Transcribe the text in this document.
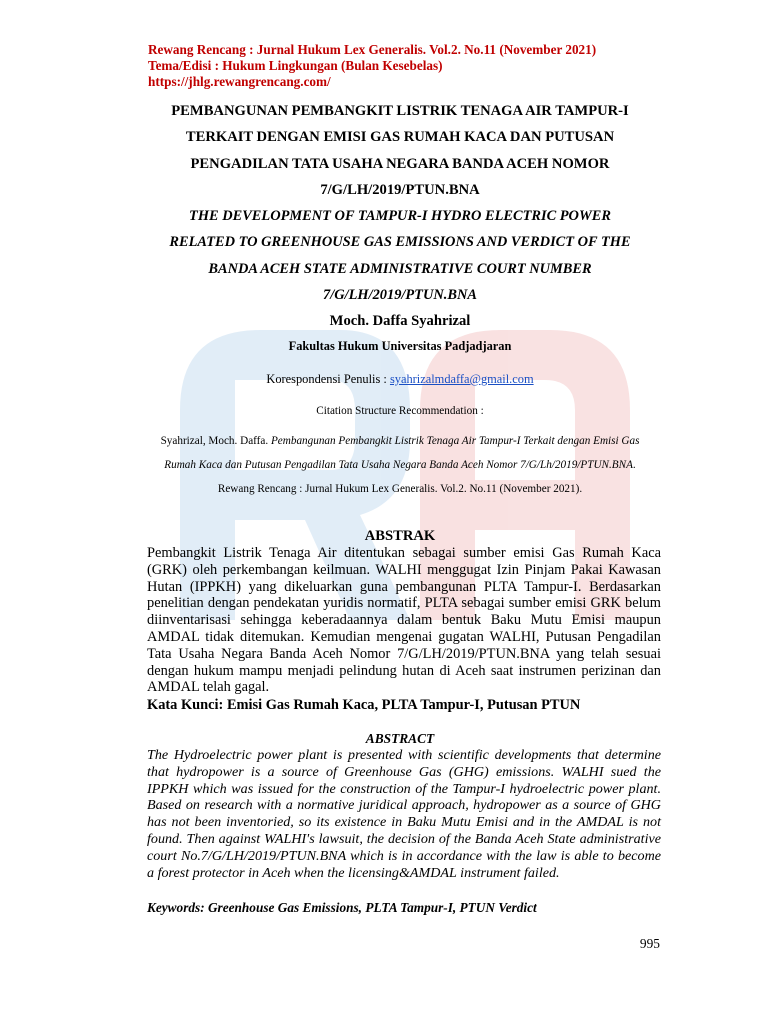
Rewang Rencang : Jurnal Hukum Lex Generalis. Vol.2. No.11 (November 2021)
Tema/Edisi : Hukum Lingkungan (Bulan Kesebelas)
https://jhlg.rewangrencang.com/
PEMBANGUNAN PEMBANGKIT LISTRIK TENAGA AIR TAMPUR-I
TERKAIT DENGAN EMISI GAS RUMAH KACA DAN PUTUSAN
PENGADILAN TATA USAHA NEGARA BANDA ACEH NOMOR
7/G/LH/2019/PTUN.BNA
THE DEVELOPMENT OF TAMPUR-I HYDRO ELECTRIC POWER
RELATED TO GREENHOUSE GAS EMISSIONS AND VERDICT OF THE
BANDA ACEH STATE ADMINISTRATIVE COURT NUMBER
7/G/LH/2019/PTUN.BNA
Moch. Daffa Syahrizal
Fakultas Hukum Universitas Padjadjaran
Korespondensi Penulis : syahrizalmdaffa@gmail.com
Citation Structure Recommendation :
Syahrizal, Moch. Daffa. Pembangunan Pembangkit Listrik Tenaga Air Tampur-I Terkait dengan Emisi Gas Rumah Kaca dan Putusan Pengadilan Tata Usaha Negara Banda Aceh Nomor 7/G/Lh/2019/PTUN.BNA. Rewang Rencang : Jurnal Hukum Lex Generalis. Vol.2. No.11 (November 2021).
ABSTRAK
Pembangkit Listrik Tenaga Air ditentukan sebagai sumber emisi Gas Rumah Kaca (GRK) oleh perkembangan keilmuan. WALHI menggugat Izin Pinjam Pakai Kawasan Hutan (IPPKH) yang dikeluarkan guna pembangunan PLTA Tampur-I. Berdasarkan penelitian dengan pendekatan yuridis normatif, PLTA sebagai sumber emisi GRK belum diinventarisasi sehingga keberadaannya dalam bentuk Baku Mutu Emisi maupun AMDAL tidak ditemukan. Kemudian mengenai gugatan WALHI, Putusan Pengadilan Tata Usaha Negara Banda Aceh Nomor 7/G/LH/2019/PTUN.BNA yang telah sesuai dengan hukum mampu menjadi pelindung hutan di Aceh saat instrumen perizinan dan AMDAL telah gagal.
Kata Kunci: Emisi Gas Rumah Kaca, PLTA Tampur-I, Putusan PTUN
ABSTRACT
The Hydroelectric power plant is presented with scientific developments that determine that hydropower is a source of Greenhouse Gas (GHG) emissions. WALHI sued the IPPKH which was issued for the construction of the Tampur-I hydroelectric power plant. Based on research with a normative juridical approach, hydropower as a source of GHG has not been inventoried, so its existence in Baku Mutu Emisi and in the AMDAL is not found. Then against WALHI's lawsuit, the decision of the Banda Aceh State administrative court No.7/G/LH/2019/PTUN.BNA which is in accordance with the law is able to become a forest protector in Aceh when the licensing&AMDAL instrument failed.
Keywords: Greenhouse Gas Emissions, PLTA Tampur-I, PTUN Verdict
995
